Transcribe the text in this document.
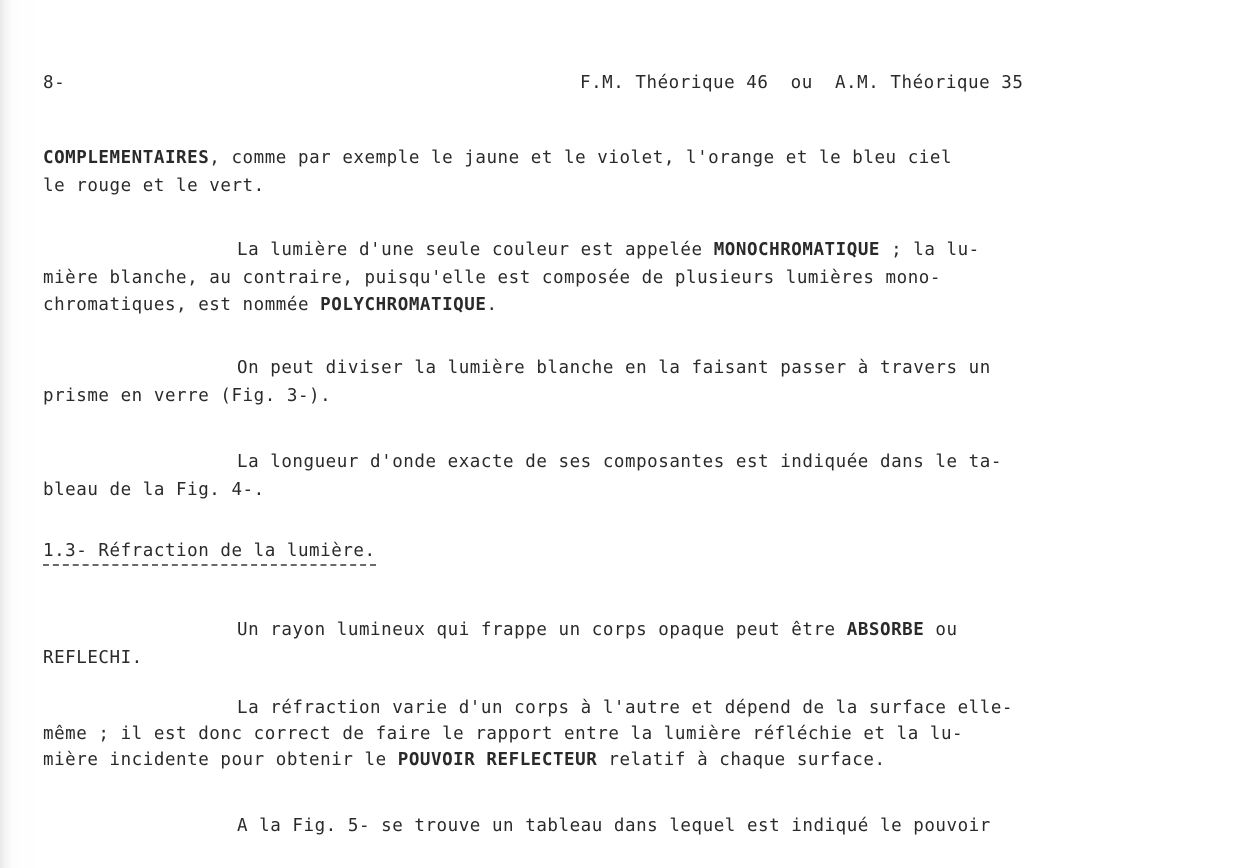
8-	F.M. Théorique 46  ou  A.M. Théorique 35

COMPLEMENTAIRES, comme par exemple le jaune et le violet, l'orange et le bleu ciel

le rouge et le vert.

La lumière d'une seule couleur est appelée MONOCHROMATIQUE ; la lu-

mière blanche, au contraire, puisqu'elle est composée de plusieurs lumières mono-

chromatiques, est nommée POLYCHROMATIQUE.

On peut diviser la lumière blanche en la faisant passer à travers un

prisme en verre (Fig. 3-).

La longueur d'onde exacte de ses composantes est indiquée dans le ta-

bleau de la Fig. 4-.

1.3- Réfraction de la lumière.

Un rayon lumineux qui frappe un corps opaque peut être ABSORBE ou

REFLECHI.

La réfraction varie d'un corps à l'autre et dépend de la surface elle-

même ; il est donc correct de faire le rapport entre la lumière réfléchie et la lu-

mière incidente pour obtenir le POUVOIR REFLECTEUR relatif à chaque surface.

A la Fig. 5- se trouve un tableau dans lequel est indiqué le pouvoir
